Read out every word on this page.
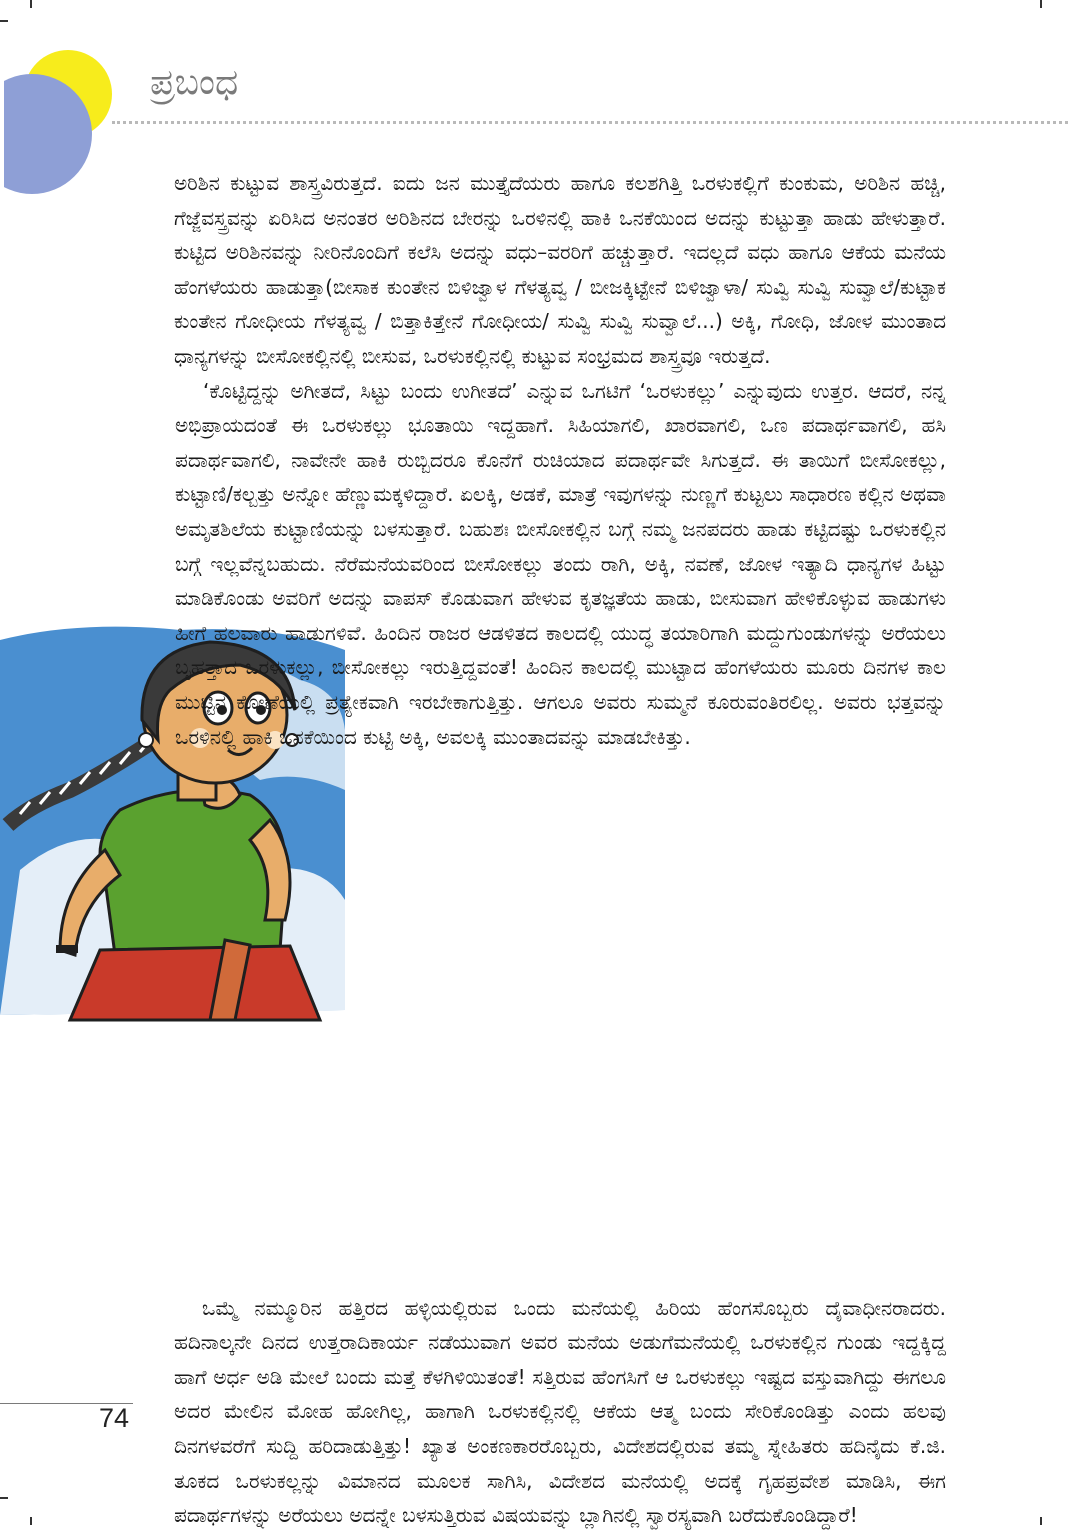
ಪ್ರಬಂಧ

ಅರಿಶಿನ ಕುಟ್ಟುವ ಶಾಸ್ತ್ರವಿರುತ್ತದೆ. ಐದು ಜನ ಮುತ್ತೈದೆಯರು ಹಾಗೂ ಕಲಶಗಿತ್ತಿ ಒರಳುಕಲ್ಲಿಗೆ ಕುಂಕುಮ, ಅರಿಶಿನ ಹಚ್ಚಿ, ಗೆಜ್ಜೆವಸ್ತ್ರವನ್ನು ಏರಿಸಿದ ಅನಂತರ ಅರಿಶಿನದ ಬೇರನ್ನು ಒರಳಿನಲ್ಲಿ ಹಾಕಿ ಒನಕೆಯಿಂದ ಅದನ್ನು ಕುಟ್ಟುತ್ತಾ ಹಾಡು ಹೇಳುತ್ತಾರೆ. ಕುಟ್ಟಿದ ಅರಿಶಿನವನ್ನು ನೀರಿನೊಂದಿಗೆ ಕಲೆಸಿ ಅದನ್ನು ವಧು–ವರರಿಗೆ ಹಚ್ಚುತ್ತಾರೆ. ಇದಲ್ಲದೆ ವಧು ಹಾಗೂ ಆಕೆಯ ಮನೆಯ ಹೆಂಗಳೆಯರು ಹಾಡುತ್ತಾ(ಬೀಸಾಕ ಕುಂತೇನ ಬಿಳಿಜ್ವಾಳ ಗೆಳತ್ಯವ್ವ / ಬೀಜಕ್ಕಿಟ್ಟೇನೆ ಬಿಳಿಜ್ವಾಳಾ/ ಸುವ್ವಿ ಸುವ್ವಿ ಸುವ್ವಾಲೆ/ಕುಟ್ಟಾಕ ಕುಂತೇನ ಗೋಧೀಯ ಗೆಳತ್ಯವ್ವ / ಬಿತ್ತಾಕಿತ್ತೇನೆ ಗೋಧೀಯ/ ಸುವ್ವಿ ಸುವ್ವಿ ಸುವ್ವಾಲೆ...) ಅಕ್ಕಿ, ಗೋಧಿ, ಜೋಳ ಮುಂತಾದ ಧಾನ್ಯಗಳನ್ನು ಬೀಸೋಕಲ್ಲಿನಲ್ಲಿ ಬೀಸುವ, ಒರಳುಕಲ್ಲಿನಲ್ಲಿ ಕುಟ್ಟುವ ಸಂಭ್ರಮದ ಶಾಸ್ತ್ರವೂ ಇರುತ್ತದೆ.

‘ಕೊಟ್ಟಿದ್ದನ್ನು ಅಗೀತದೆ, ಸಿಟ್ಟು ಬಂದು ಉಗೀತದೆ’ ಎನ್ನುವ ಒಗಟಿಗೆ ‘ಒರಳುಕಲ್ಲು’ ಎನ್ನುವುದು ಉತ್ತರ. ಆದರೆ, ನನ್ನ ಅಭಿಪ್ರಾಯದಂತೆ ಈ ಒರಳುಕಲ್ಲು ಭೂತಾಯಿ ಇದ್ದಹಾಗೆ. ಸಿಹಿಯಾಗಲಿ, ಖಾರವಾಗಲಿ, ಒಣ ಪದಾರ್ಥವಾಗಲಿ, ಹಸಿ ಪದಾರ್ಥವಾಗಲಿ, ನಾವೇನೇ ಹಾಕಿ ರುಬ್ಬಿದರೂ ಕೊನೆಗೆ ರುಚಿಯಾದ ಪದಾರ್ಥವೇ ಸಿಗುತ್ತದೆ. ಈ ತಾಯಿಗೆ ಬೀಸೋಕಲ್ಲು, ಕುಟ್ಟಾಣಿ/ಕಲ್ಬತ್ತು ಅನ್ನೋ ಹೆಣ್ಣುಮಕ್ಕಳಿದ್ದಾರೆ. ಏಲಕ್ಕಿ, ಅಡಕೆ, ಮಾತ್ರೆ ಇವುಗಳನ್ನು ನುಣ್ಣಗೆ ಕುಟ್ಟಲು ಸಾಧಾರಣ ಕಲ್ಲಿನ ಅಥವಾ ಅಮೃತಶಿಲೆಯ ಕುಟ್ಟಾಣಿಯನ್ನು ಬಳಸುತ್ತಾರೆ. ಬಹುಶಃ ಬೀಸೋಕಲ್ಲಿನ ಬಗ್ಗೆ ನಮ್ಮ ಜನಪದರು ಹಾಡು ಕಟ್ಟಿದಷ್ಟು ಒರಳುಕಲ್ಲಿನ ಬಗ್ಗೆ ಇಲ್ಲವೆನ್ನಬಹುದು. ನೆರೆಮನೆಯವರಿಂದ ಬೀಸೋಕಲ್ಲು ತಂದು ರಾಗಿ, ಅಕ್ಕಿ, ನವಣೆ, ಜೋಳ ಇತ್ಯಾದಿ ಧಾನ್ಯಗಳ ಹಿಟ್ಟು ಮಾಡಿಕೊಂಡು ಅವರಿಗೆ ಅದನ್ನು ವಾಪಸ್ ಕೊಡುವಾಗ ಹೇಳುವ ಕೃತಜ್ಞತೆಯ ಹಾಡು, ಬೀಸುವಾಗ ಹೇಳಿಕೊಳ್ಳುವ ಹಾಡುಗಳು ಹೀಗೆ ಹಲವಾರು ಹಾಡುಗಳಿವೆ. ಹಿಂದಿನ ರಾಜರ ಆಡಳಿತದ ಕಾಲದಲ್ಲಿ ಯುದ್ಧ ತಯಾರಿಗಾಗಿ ಮದ್ದುಗುಂಡುಗಳನ್ನು ಅರೆಯಲು ಬೃಹತ್ತಾದ ಒರಳುಕಲ್ಲು, ಬೀಸೋಕಲ್ಲು ಇರುತ್ತಿದ್ದವಂತೆ! ಹಿಂದಿನ ಕಾಲದಲ್ಲಿ ಮುಟ್ಟಾದ ಹೆಂಗಳೆಯರು ಮೂರು ದಿನಗಳ ಕಾಲ ಮುಟ್ಟಿನ ಕೋಣೆಯಲ್ಲಿ ಪ್ರತ್ಯೇಕವಾಗಿ ಇರಬೇಕಾಗುತ್ತಿತ್ತು. ಆಗಲೂ ಅವರು ಸುಮ್ಮನೆ ಕೂರುವಂತಿರಲಿಲ್ಲ. ಅವರು ಭತ್ತವನ್ನು ಒರಳಿನಲ್ಲಿ ಹಾಕಿ ಒನಕೆಯಿಂದ ಕುಟ್ಟಿ ಅಕ್ಕಿ, ಅವಲಕ್ಕಿ ಮುಂತಾದವನ್ನು ಮಾಡಬೇಕಿತ್ತು.

ಒಮ್ಮೆ ನಮ್ಮೂರಿನ ಹತ್ತಿರದ ಹಳ್ಳಿಯಲ್ಲಿರುವ ಒಂದು ಮನೆಯಲ್ಲಿ ಹಿರಿಯ ಹೆಂಗಸೊಬ್ಬರು ದೈವಾಧೀನರಾದರು. ಹದಿನಾಲ್ಕನೇ ದಿನದ ಉತ್ತರಾದಿಕಾರ್ಯ ನಡೆಯುವಾಗ ಅವರ ಮನೆಯ ಅಡುಗೆಮನೆಯಲ್ಲಿ ಒರಳುಕಲ್ಲಿನ ಗುಂಡು ಇದ್ದಕ್ಕಿದ್ದ ಹಾಗೆ ಅರ್ಧ ಅಡಿ ಮೇಲೆ ಬಂದು ಮತ್ತೆ ಕೆಳಗಿಳಿಯಿತಂತೆ! ಸತ್ತಿರುವ ಹೆಂಗಸಿಗೆ ಆ ಒರಳುಕಲ್ಲು ಇಷ್ಟದ ವಸ್ತುವಾಗಿದ್ದು ಈಗಲೂ ಅದರ ಮೇಲಿನ ಮೋಹ ಹೋಗಿಲ್ಲ, ಹಾಗಾಗಿ ಒರಳುಕಲ್ಲಿನಲ್ಲಿ ಆಕೆಯ ಆತ್ಮ ಬಂದು ಸೇರಿಕೊಂಡಿತ್ತು ಎಂದು ಹಲವು ದಿನಗಳವರೆಗೆ ಸುದ್ದಿ ಹರಿದಾಡುತ್ತಿತ್ತು! ಖ್ಯಾತ ಅಂಕಣಕಾರರೊಬ್ಬರು, ವಿದೇಶದಲ್ಲಿರುವ ತಮ್ಮ ಸ್ನೇಹಿತರು ಹದಿನೈದು ಕೆ.ಜಿ. ತೂಕದ ಒರಳುಕಲ್ಲನ್ನು ವಿಮಾನದ ಮೂಲಕ ಸಾಗಿಸಿ, ವಿದೇಶದ ಮನೆಯಲ್ಲಿ ಅದಕ್ಕೆ ಗೃಹಪ್ರವೇಶ ಮಾಡಿಸಿ, ಈಗ ಪದಾರ್ಥಗಳನ್ನು ಅರೆಯಲು ಅದನ್ನೇ ಬಳಸುತ್ತಿರುವ ವಿಷಯವನ್ನು ಬ್ಲಾಗಿನಲ್ಲಿ ಸ್ವಾರಸ್ಯವಾಗಿ ಬರೆದುಕೊಂಡಿದ್ದಾರೆ!

74
